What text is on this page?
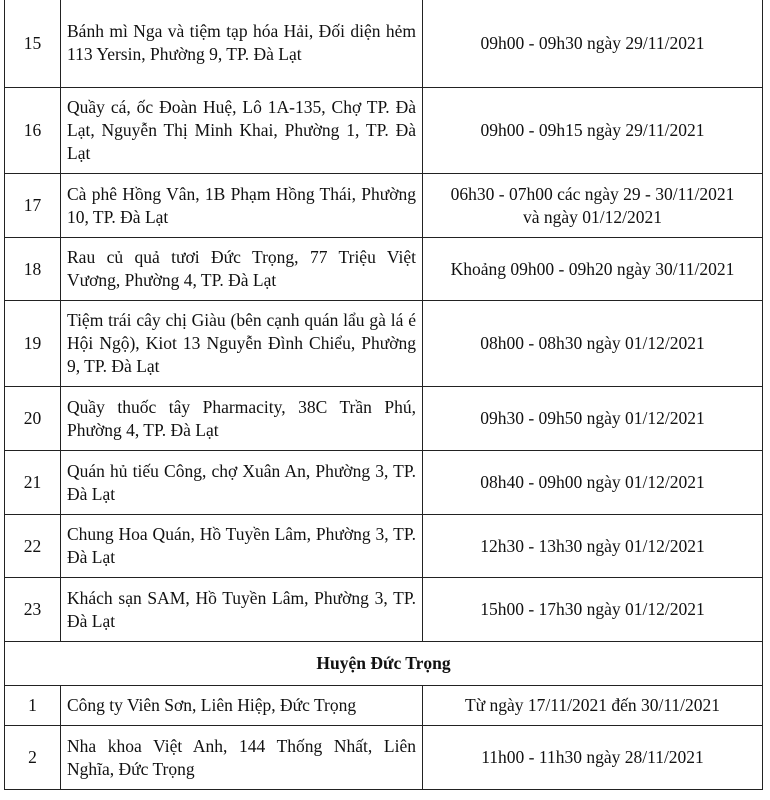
15	Bánh mì Nga và tiệm tạp hóa Hải, Đối diện hẻm 113 Yersin, Phường 9, TP. Đà Lạt	09h00 - 09h30 ngày 29/11/2021

16	Quầy cá, ốc Đoàn Huệ, Lô 1A-135, Chợ TP. Đà Lạt, Nguyễn Thị Minh Khai, Phường 1, TP. Đà Lạt	09h00 - 09h15 ngày 29/11/2021

17	Cà phê Hồng Vân, 1B Phạm Hồng Thái, Phường 10, TP. Đà Lạt	06h30 - 07h00 các ngày 29 - 30/11/2021
và ngày 01/12/2021

18	Rau củ quả tươi Đức Trọng, 77 Triệu Việt Vương, Phường 4, TP. Đà Lạt	Khoảng 09h00 - 09h20 ngày 30/11/2021

19	Tiệm trái cây chị Giàu (bên cạnh quán lẩu gà lá é Hội Ngộ), Kiot 13 Nguyễn Đình Chiểu, Phường 9, TP. Đà Lạt	08h00 - 08h30 ngày 01/12/2021

20	Quầy thuốc tây Pharmacity, 38C Trần Phú, Phường 4, TP. Đà Lạt	09h30 - 09h50 ngày 01/12/2021

21	Quán hủ tiếu Công, chợ Xuân An, Phường 3, TP. Đà Lạt	08h40 - 09h00 ngày 01/12/2021

22	Chung Hoa Quán, Hồ Tuyền Lâm, Phường 3, TP. Đà Lạt	12h30 - 13h30 ngày 01/12/2021

23	Khách sạn SAM, Hồ Tuyền Lâm, Phường 3, TP. Đà Lạt	15h00 - 17h30 ngày 01/12/2021

Huyện Đức Trọng		
1	Công ty Viên Sơn, Liên Hiệp, Đức Trọng	Từ ngày 17/11/2021 đến 30/11/2021

2	Nha khoa Việt Anh, 144 Thống Nhất, Liên Nghĩa, Đức Trọng	11h00 - 11h30 ngày 28/11/2021
